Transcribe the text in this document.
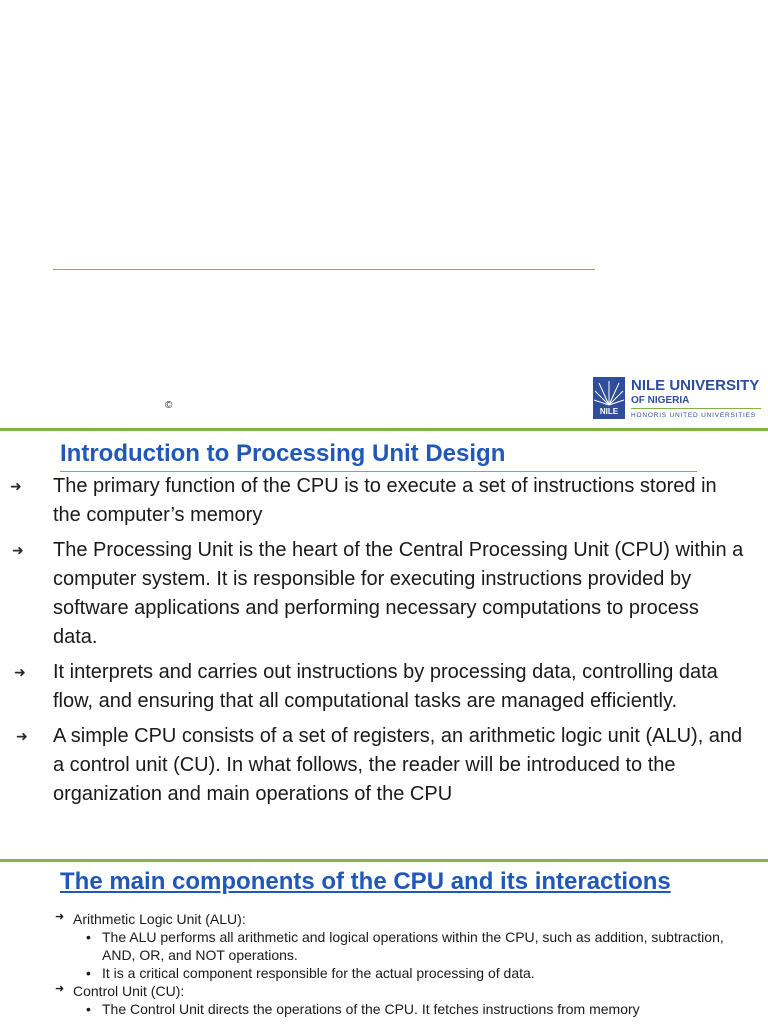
©
NILE
NILE UNIVERSITY
OF NIGERIA
HONORIS UNITED UNIVERSITIES
Introduction to Processing Unit Design
➜ The primary function of the CPU is to execute a set of instructions stored in the computer’s memory
➜ The Processing Unit is the heart of the Central Processing Unit (CPU) within a computer system. It is responsible for executing instructions provided by software applications and performing necessary computations to process data.
➜ It interprets and carries out instructions by processing data, controlling data flow, and ensuring that all computational tasks are managed efficiently.
➜ A simple CPU consists of a set of registers, an arithmetic logic unit (ALU), and a control unit (CU). In what follows, the reader will be introduced to the organization and main operations of the CPU
The main components of the CPU and its interactions
➜ Arithmetic Logic Unit (ALU):
• The ALU performs all arithmetic and logical operations within the CPU, such as addition, subtraction, AND, OR, and NOT operations.
• It is a critical component responsible for the actual processing of data.
➜ Control Unit (CU):
• The Control Unit directs the operations of the CPU. It fetches instructions from memory
